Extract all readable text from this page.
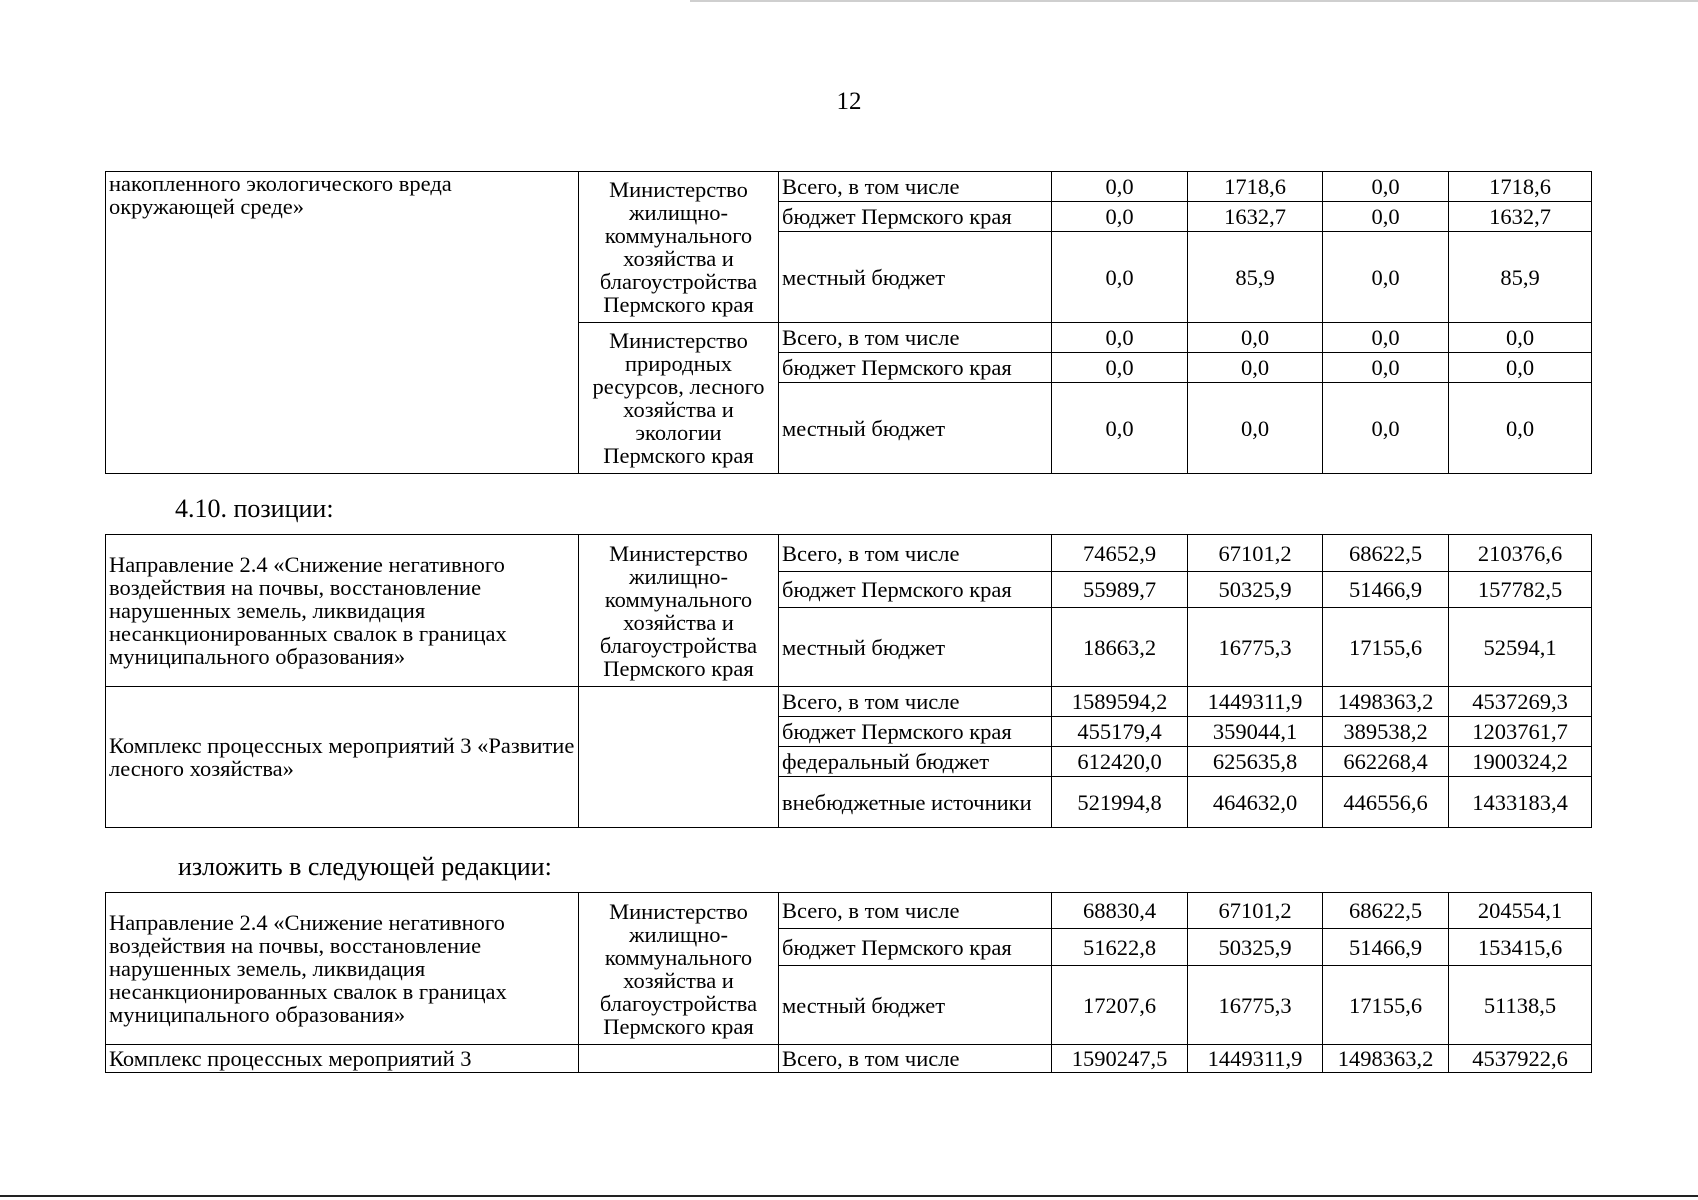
12
накопленного экологического вреда окружающей среде»	Министерство жилищно-коммунального хозяйства и благоустройства Пермского края	Всего, в том числе	0,0	1718,6	0,0	1718,6
		бюджет Пермского края	0,0	1632,7	0,0	1632,7
		местный бюджет	0,0	85,9	0,0	85,9
	Министерство природных ресурсов, лесного хозяйства и экологии Пермского края	Всего, в том числе	0,0	0,0	0,0	0,0
		бюджет Пермского края	0,0	0,0	0,0	0,0
		местный бюджет	0,0	0,0	0,0	0,0
4.10. позиции:
Направление 2.4 «Снижение негативного воздействия на почвы, восстановление нарушенных земель, ликвидация несанкционированных свалок в границах муниципального образования»	Министерство жилищно-коммунального хозяйства и благоустройства Пермского края	Всего, в том числе	74652,9	67101,2	68622,5	210376,6
		бюджет Пермского края	55989,7	50325,9	51466,9	157782,5
		местный бюджет	18663,2	16775,3	17155,6	52594,1
Комплекс процессных мероприятий 3 «Развитие лесного хозяйства»		Всего, в том числе	1589594,2	1449311,9	1498363,2	4537269,3
		бюджет Пермского края	455179,4	359044,1	389538,2	1203761,7
		федеральный бюджет	612420,0	625635,8	662268,4	1900324,2
		внебюджетные источники	521994,8	464632,0	446556,6	1433183,4
изложить в следующей редакции:
Направление 2.4 «Снижение негативного воздействия на почвы, восстановление нарушенных земель, ликвидация несанкционированных свалок в границах муниципального образования»	Министерство жилищно-коммунального хозяйства и благоустройства Пермского края	Всего, в том числе	68830,4	67101,2	68622,5	204554,1
		бюджет Пермского края	51622,8	50325,9	51466,9	153415,6
		местный бюджет	17207,6	16775,3	17155,6	51138,5
Комплекс процессных мероприятий 3		Всего, в том числе	1590247,5	1449311,9	1498363,2	4537922,6
